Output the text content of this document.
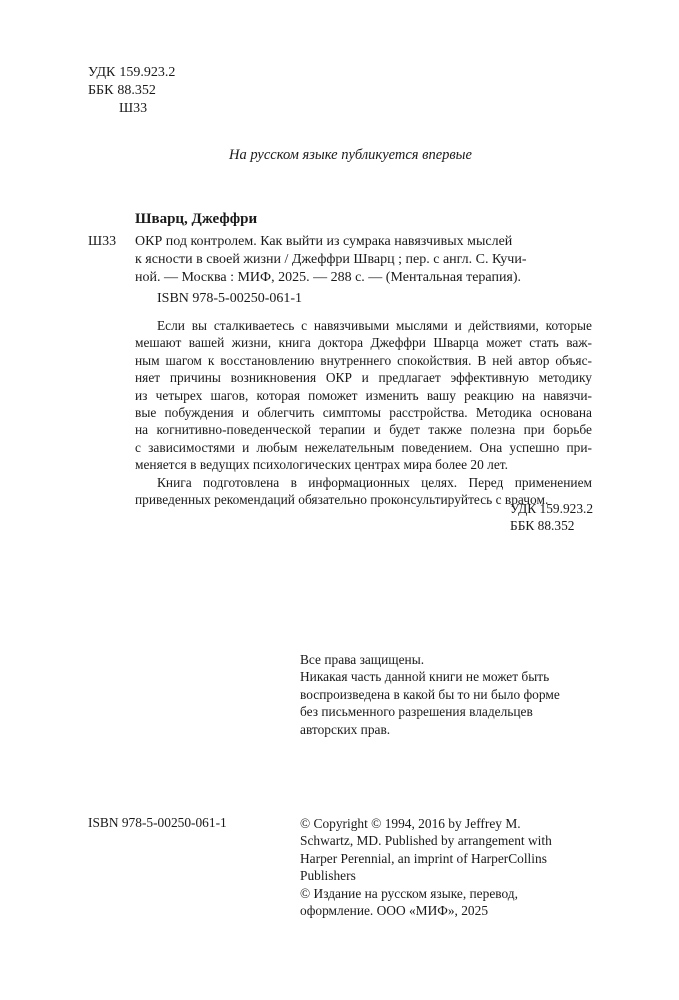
УДК 159.923.2
ББК 88.352
Ш33
На русском языке публикуется впервые
Шварц, Джеффри
Ш33 ОКР под контролем. Как выйти из сумрака навязчивых мыслей
к ясности в своей жизни / Джеффри Шварц ; пер. с англ. С. Кучи-
ной. — Москва : МИФ, 2025. — 288 с. — (Ментальная терапия).
ISBN 978-5-00250-061-1
Если вы сталкиваетесь с навязчивыми мыслями и действиями, которые
мешают вашей жизни, книга доктора Джеффри Шварца может стать важ-
ным шагом к восстановлению внутреннего спокойствия. В ней автор объяс-
няет причины возникновения ОКР и предлагает эффективную методику
из четырех шагов, которая поможет изменить вашу реакцию на навязчи-
вые побуждения и облегчить симптомы расстройства. Методика основана
на когнитивно-поведенческой терапии и будет также полезна при борьбе
с зависимостями и любым нежелательным поведением. Она успешно при-
меняется в ведущих психологических центрах мира более 20 лет.
Книга подготовлена в информационных целях. Перед применением
приведенных рекомендаций обязательно проконсультируйтесь с врачом.
УДК 159.923.2
ББК 88.352
Все права защищены.
Никакая часть данной книги не может быть
воспроизведена в какой бы то ни было форме
без письменного разрешения владельцев
авторских прав.
ISBN 978-5-00250-061-1	© Copyright © 1994, 2016 by Jeffrey M.
Schwartz, MD. Published by arrangement with
Harper Perennial, an imprint of HarperCollins
Publishers
© Издание на русском языке, перевод,
оформление. ООО «МИФ», 2025
